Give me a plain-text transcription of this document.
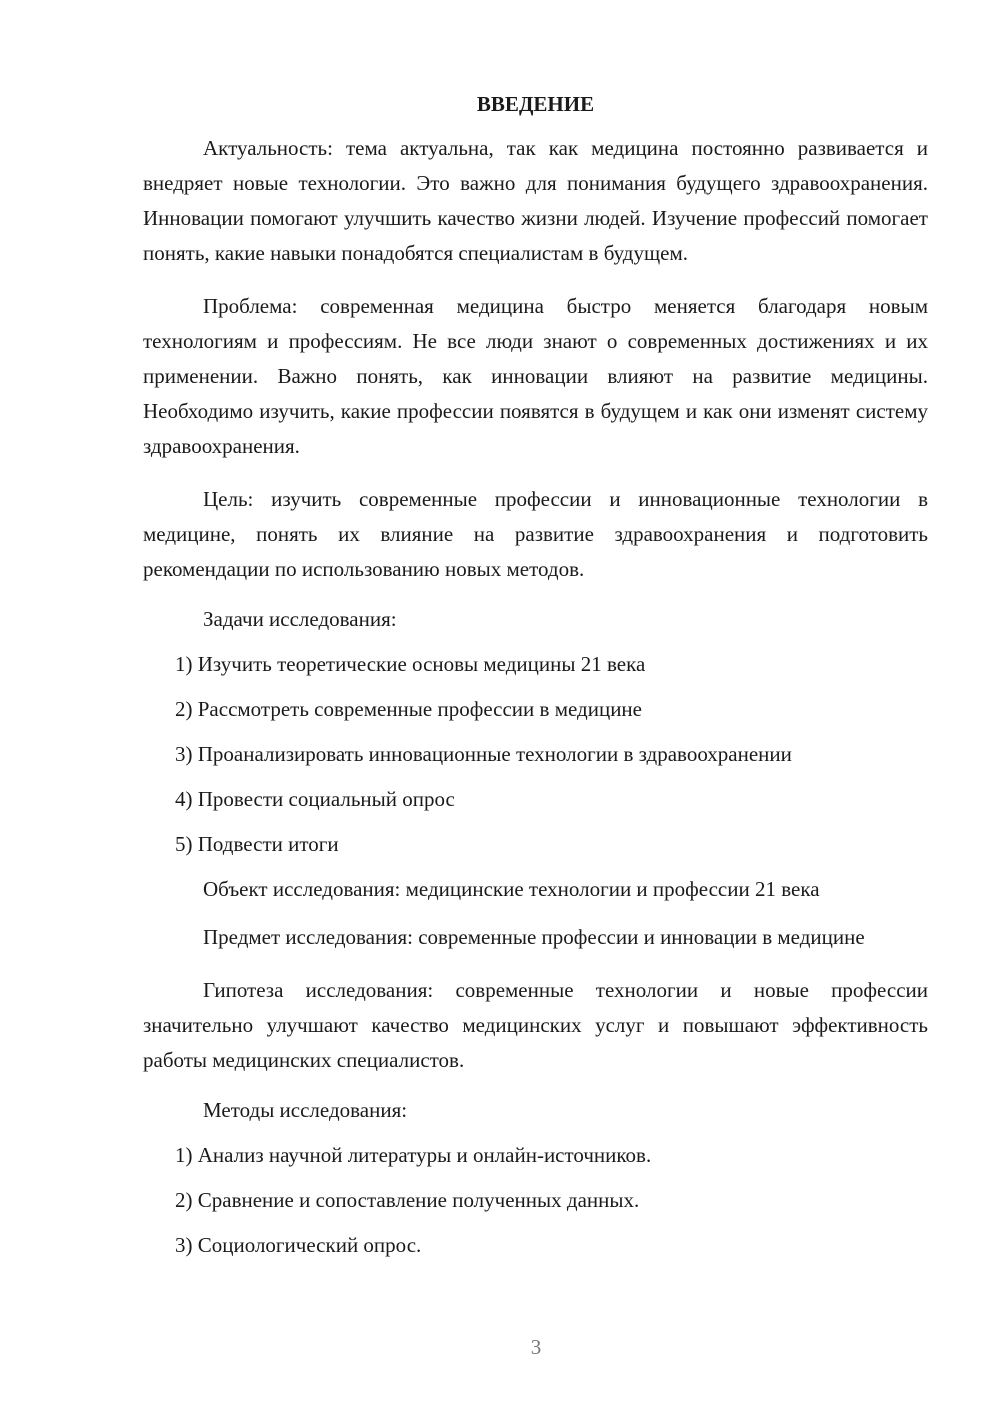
ВВЕДЕНИЕ

Актуальность: тема актуальна, так как медицина постоянно развивается и внедряет новые технологии. Это важно для понимания будущего здравоохранения. Инновации помогают улучшить качество жизни людей. Изучение профессий помогает понять, какие навыки понадобятся специалистам в будущем.

Проблема: современная медицина быстро меняется благодаря новым технологиям и профессиям. Не все люди знают о современных достижениях и их применении. Важно понять, как инновации влияют на развитие медицины. Необходимо изучить, какие профессии появятся в будущем и как они изменят систему здравоохранения.

Цель: изучить современные профессии и инновационные технологии в медицине, понять их влияние на развитие здравоохранения и подготовить рекомендации по использованию новых методов.

Задачи исследования:
1) Изучить теоретические основы медицины 21 века
2) Рассмотреть современные профессии в медицине
3) Проанализировать инновационные технологии в здравоохранении
4) Провести социальный опрос
5) Подвести итоги
Объект исследования: медицинские технологии и профессии 21 века

Предмет исследования: современные профессии и инновации в медицине

Гипотеза исследования: современные технологии и новые профессии значительно улучшают качество медицинских услуг и повышают эффективность работы медицинских специалистов.

Методы исследования:
1) Анализ научной литературы и онлайн-источников.
2) Сравнение и сопоставление полученных данных.
3) Социологический опрос.
3
